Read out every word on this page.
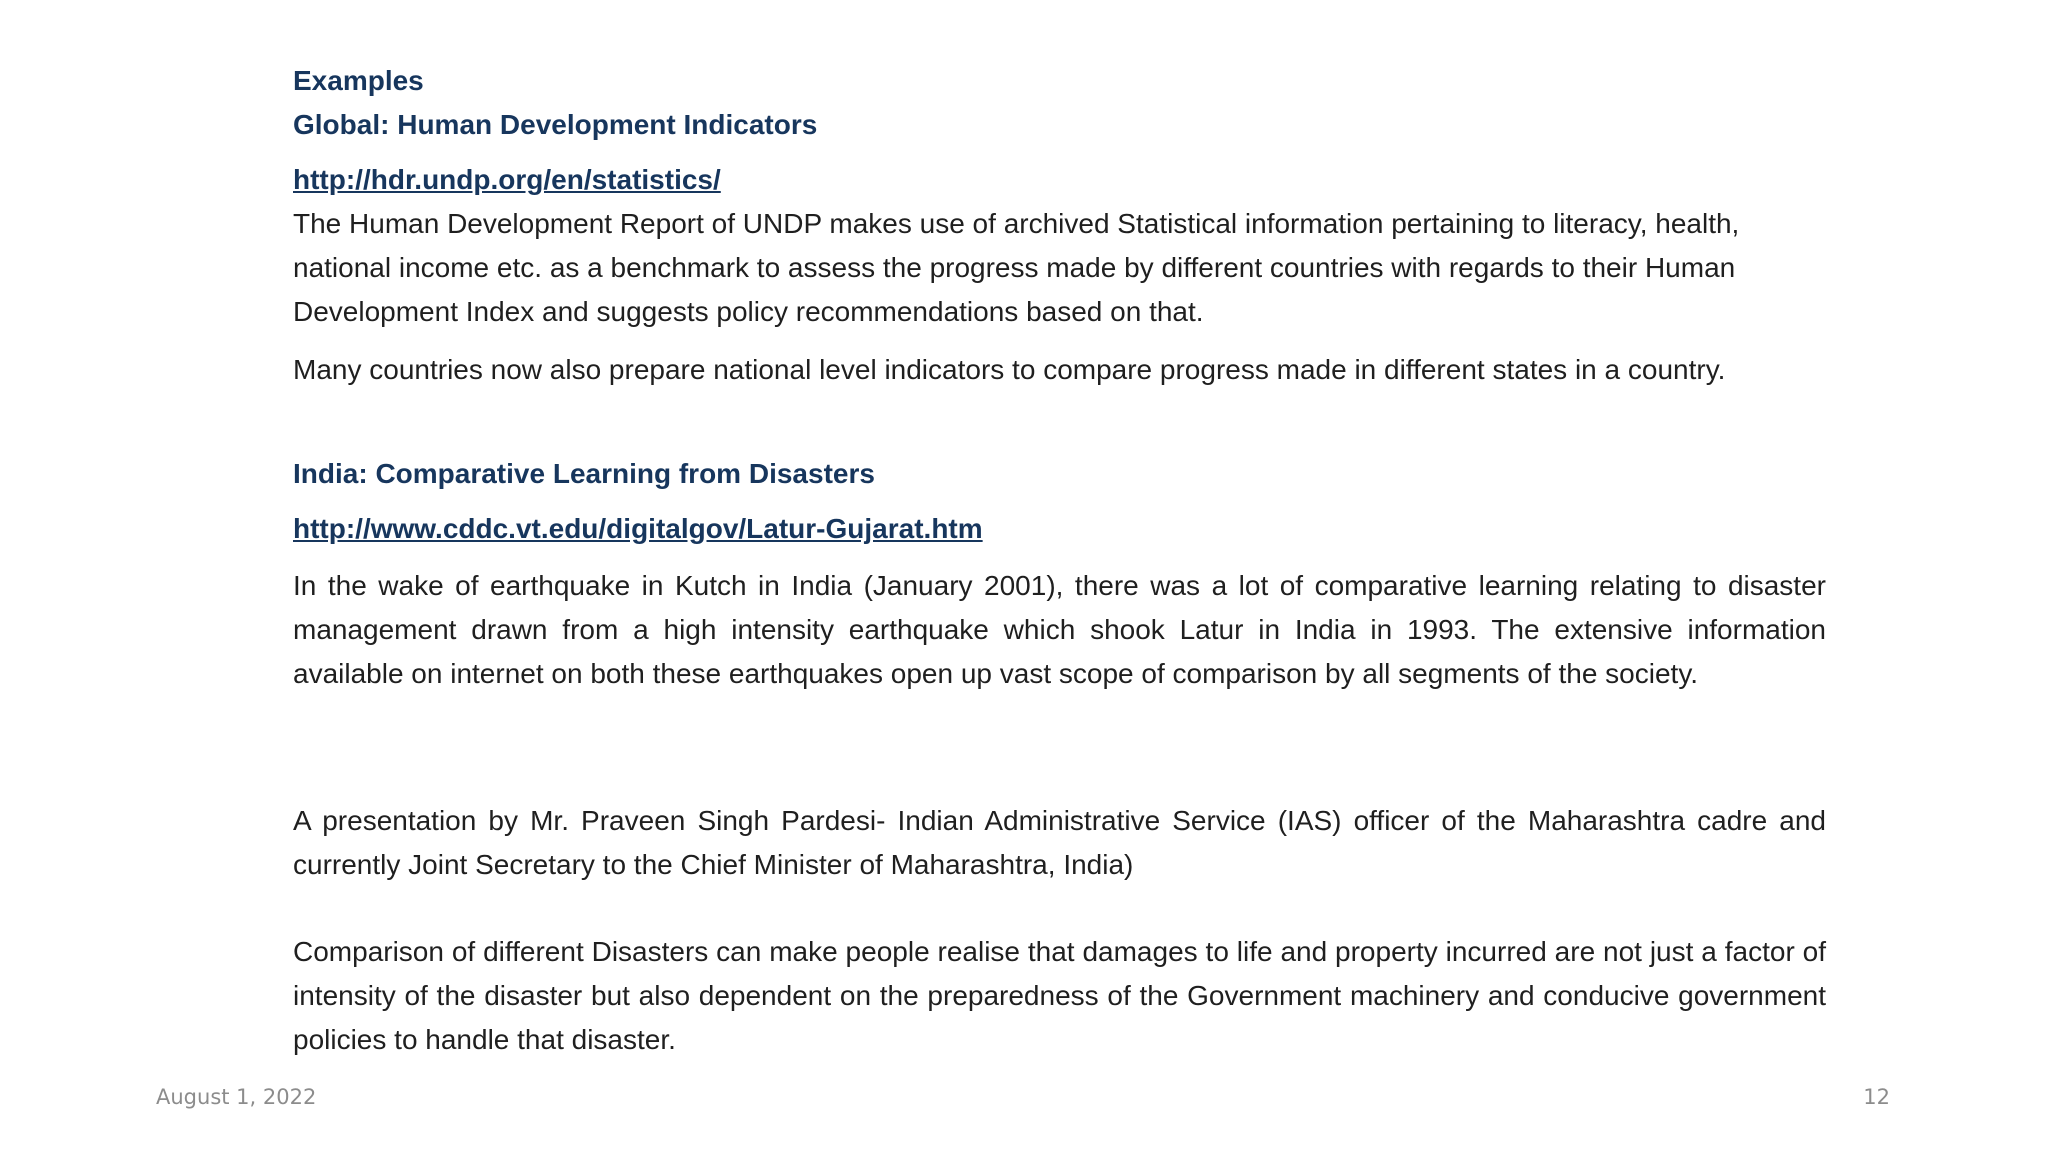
Examples
Global: Human Development Indicators
http://hdr.undp.org/en/statistics/

The Human Development Report of UNDP makes use of archived Statistical information pertaining to literacy, health, national income etc. as a benchmark to assess the progress made by different countries with regards to their Human Development Index and suggests policy recommendations based on that.

Many countries now also prepare national level indicators to compare progress made in different states in a country.

India: Comparative Learning from Disasters
http://www.cddc.vt.edu/digitalgov/Latur-Gujarat.htm

In the wake of earthquake in Kutch in India (January 2001), there was a lot of comparative learning relating to disaster management drawn from a high intensity earthquake which shook Latur in India in 1993. The extensive information available on internet on both these earthquakes open up vast scope of comparison by all segments of the society.

A presentation by Mr. Praveen Singh Pardesi- Indian Administrative Service (IAS) officer of the Maharashtra cadre and currently Joint Secretary to the Chief Minister of Maharashtra, India)

Comparison of different Disasters can make people realise that damages to life and property incurred are not just a factor of intensity of the disaster but also dependent on the preparedness of the Government machinery and conducive government policies to handle that disaster.

August 1, 2022	12
